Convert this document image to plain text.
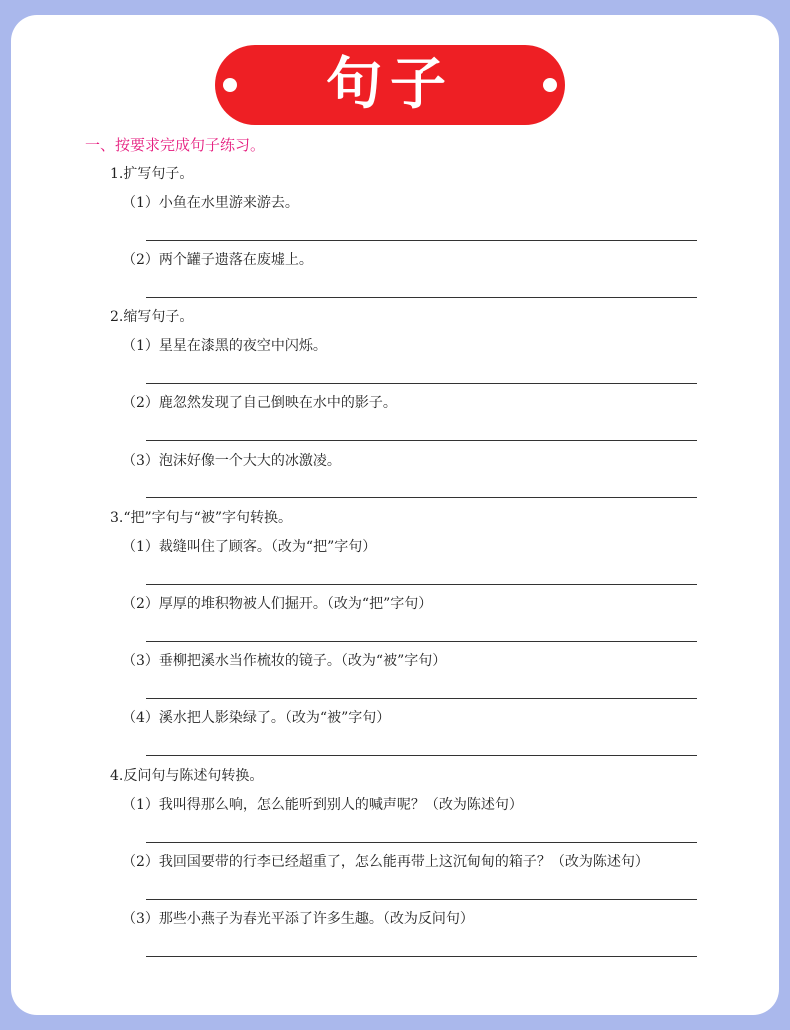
句子
一、按要求完成句子练习。
1.扩写句子。
（1）小鱼在水里游来游去。
（2）两个罐子遗落在废墟上。
2.缩写句子。
（1）星星在漆黑的夜空中闪烁。
（2）鹿忽然发现了自己倒映在水中的影子。
（3）泡沫好像一个大大的冰激凌。
3.“把”字句与“被”字句转换。
（1）裁缝叫住了顾客。（改为“把”字句）
（2）厚厚的堆积物被人们掘开。（改为“把”字句）
（3）垂柳把溪水当作梳妆的镜子。（改为“被”字句）
（4）溪水把人影染绿了。（改为“被”字句）
4.反问句与陈述句转换。
（1）我叫得那么响，怎么能听到别人的喊声呢？（改为陈述句）
（2）我回国要带的行李已经超重了，怎么能再带上这沉甸甸的箱子？（改为陈述句）
（3）那些小燕子为春光平添了许多生趣。（改为反问句）
